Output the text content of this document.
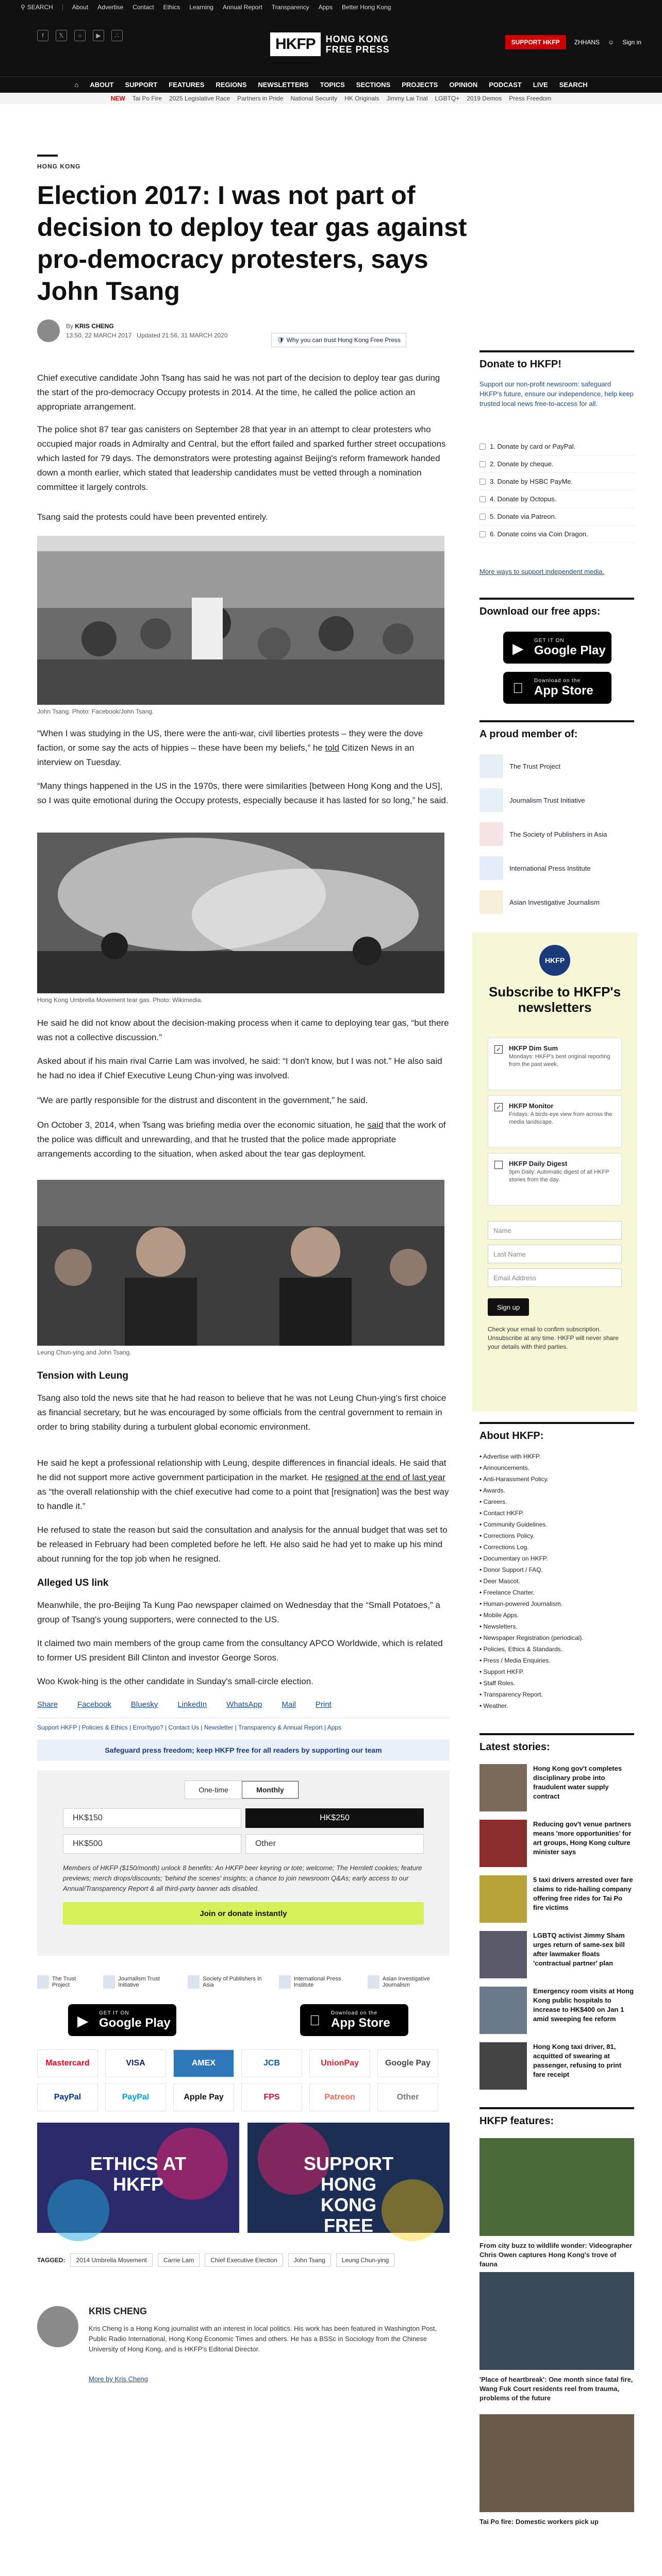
⚲ SEARCH	About Advertise Contact Ethics Learning Annual Report Transparency Apps Better Hong Kong
f	𝕏	○	▶	∴	HKFP	HONG KONG
FREE PRESS
SUPPORT HKFP	ZHHANS ☺ Sign in
⌂ ABOUT SUPPORT FEATURES REGIONS NEWSLETTERS TOPICS SECTIONS PROJECTS OPINION PODCAST LIVE SEARCH
NEW Tai Po Fire 2025 Legislative Race Partners in Pride National Security HK Originals Jimmy Lai Trial LGBTQ+ 2019 Demos Press Freedom
HONG KONG
Election 2017: I was not part of decision to deploy tear gas against pro-democracy protesters, says John Tsang
By KRIS CHENG
13:50, 22 MARCH 2017 Updated 21:56, 31 MARCH 2020
🛡 Why you can trust Hong Kong Free Press

Chief executive candidate John Tsang has said he was not part of the decision to deploy tear gas during the start of the pro-democracy Occupy protests in 2014. At the time, he called the police action an appropriate arrangement.

The police shot 87 tear gas canisters on September 28 that year in an attempt to clear protesters who occupied major roads in Admiralty and Central, but the effort failed and sparked further street occupations which lasted for 79 days. The demonstrators were protesting against Beijing's reform framework handed down a month earlier, which stated that leadership candidates must be vetted through a nomination committee it largely controls.

Tsang said the protests could have been prevented entirely.

John Tsang. Photo: Facebook/John Tsang.

“When I was studying in the US, there were the anti-war, civil liberties protests – they were the dove faction, or some say the acts of hippies – these have been my beliefs,” he told Citizen News in an interview on Tuesday.

“Many things happened in the US in the 1970s, there were similarities [between Hong Kong and the US], so I was quite emotional during the Occupy protests, especially because it has lasted for so long,” he said.

Hong Kong Umbrella Movement tear gas. Photo: Wikimedia.

He said he did not know about the decision-making process when it came to deploying tear gas, “but there was not a collective discussion.”

Asked about if his main rival Carrie Lam was involved, he said: “I don't know, but I was not.” He also said he had no idea if Chief Executive Leung Chun-ying was involved.

“We are partly responsible for the distrust and discontent in the government,” he said.

On October 3, 2014, when Tsang was briefing media over the economic situation, he said that the work of the police was difficult and unrewarding, and that he trusted that the police made appropriate arrangements according to the situation, when asked about the tear gas deployment.

Leung Chun-ying and John Tsang.
Tension with Leung

Tsang also told the news site that he had reason to believe that he was not Leung Chun-ying's first choice as financial secretary, but he was encouraged by some officials from the central government to remain in order to bring stability during a turbulent global economic environment.

He said he kept a professional relationship with Leung, despite differences in financial ideals. He said that he did not support more active government participation in the market. He resigned at the end of last year as “the overall relationship with the chief executive had come to a point that [resignation] was the best way to handle it.”

He refused to state the reason but said the consultation and analysis for the annual budget that was set to be released in February had been completed before he left. He also said he had yet to make up his mind about running for the top job when he resigned.

Alleged US link

Meanwhile, the pro-Beijing Ta Kung Pao newspaper claimed on Wednesday that the “Small Potatoes,” a group of Tsang's young supporters, were connected to the US.

It claimed two main members of the group came from the consultancy APCO Worldwide, which is related to former US president Bill Clinton and investor George Soros.

Woo Kwok-hing is the other candidate in Sunday's small-circle election.

Share	Facebook	Bluesky	LinkedIn	WhatsApp	Mail	Print
Support HKFP | Policies & Ethics | Error/typo? | Contact Us | Newsletter | Transparency & Annual Report | Apps
Safeguard press freedom; keep HKFP free for all readers by supporting our team
One-time	Monthly
HK$150	HK$250
HK$500	Other

Members of HKFP ($150/month) unlock 8 benefits: An HKFP beer keyring or tote; welcome; The Hemlett cookies; feature previews; merch drops/discounts; 'behind the scenes' insights; a chance to join newsroom Q&As; early access to our Annual/Transparency Report & all third-party banner ads disabled.

Join or donate instantly
The Trust Project
Journalism Trust Initiative
Society of Publishers in Asia
International Press Institute
Asian Investigative Journalism
▶ GET IT ON
Google Play
Download on the
App Store
Mastercard	VISA	AMEX	JCB	UnionPay	Google Pay
PayPal	PayPal	Apple Pay	FPS	Patreon	Other
ETHICS AT HKFP
SUPPORT HONG KONG FREE PRESS
TAGGED:	2014 Umbrella Movement	Carrie Lam	Chief Executive Election	John Tsang	Leung Chun-ying
KRIS CHENG

Kris Cheng is a Hong Kong journalist with an interest in local politics. His work has been featured in Washington Post, Public Radio International, Hong Kong Economic Times and others. He has a BSSc in Sociology from the Chinese University of Hong Kong, and is HKFP's Editorial Director.

More by Kris Cheng
Donate to HKFP!

Support our non-profit newsroom: safeguard HKFP's future, ensure our independence, help keep trusted local news free-to-access for all.

1. Donate by card or PayPal.
2. Donate by cheque.
3. Donate by HSBC PayMe.
4. Donate by Octopus.
5. Donate via Patreon.
6. Donate coins via Coin Dragon.
More ways to support independent media.
Download our free apps:
▶ GET IT ON
Google Play
Download on the
App Store
A proud member of:
The Trust Project
Journalism Trust Initiative
The Society of Publishers in Asia
International Press Institute
Asian Investigative Journalism
HKFP
Subscribe to HKFP's newsletters
✓ HKFP Dim Sum
Mondays: HKFP's best original reporting from the past week.
✓ HKFP Monitor
Fridays: A birds-eye view from across the media landscape.
HKFP Daily Digest
9pm Daily: Automatic digest of all HKFP stories from the day.
Name
Last Name
Email Address
Sign up

Check your email to confirm subscription. Unsubscribe at any time. HKFP will never share your details with third parties.

About HKFP:
• Advertise with HKFP.
• Announcements.
• Anti-Harassment Policy.
• Awards.
• Careers.
• Contact HKFP.
• Community Guidelines.
• Corrections Policy.
• Corrections Log.
• Documentary on HKFP.
• Donor Support / FAQ.
• Deer Mascot.
• Freelance Charter.
• Human-powered Journalism.
• Mobile Apps.
• Newsletters.
• Newspaper Registration (periodical).
• Policies, Ethics & Standards.
• Press / Media Enquiries.
• Support HKFP.
• Staff Roles.
• Transparency Report.
• Weather.
Latest stories:
Hong Kong gov't completes disciplinary probe into fraudulent water supply contract
Reducing gov't venue partners means 'more opportunities' for art groups, Hong Kong culture minister says
5 taxi drivers arrested over fare claims to ride-hailing company offering free rides for Tai Po fire victims
LGBTQ activist Jimmy Sham urges return of same-sex bill after lawmaker floats 'contractual partner' plan
Emergency room visits at Hong Kong public hospitals to increase to HK$400 on Jan 1 amid sweeping fee reform
Hong Kong taxi driver, 81, acquitted of swearing at passenger, refusing to print fare receipt
HKFP features:
From city buzz to wildlife wonder: Videographer Chris Owen captures Hong Kong's trove of fauna
'Place of heartbreak': One month since fatal fire, Wang Fuk Court residents reel from trauma, problems of the future
Tai Po fire: Domestic workers pick up
